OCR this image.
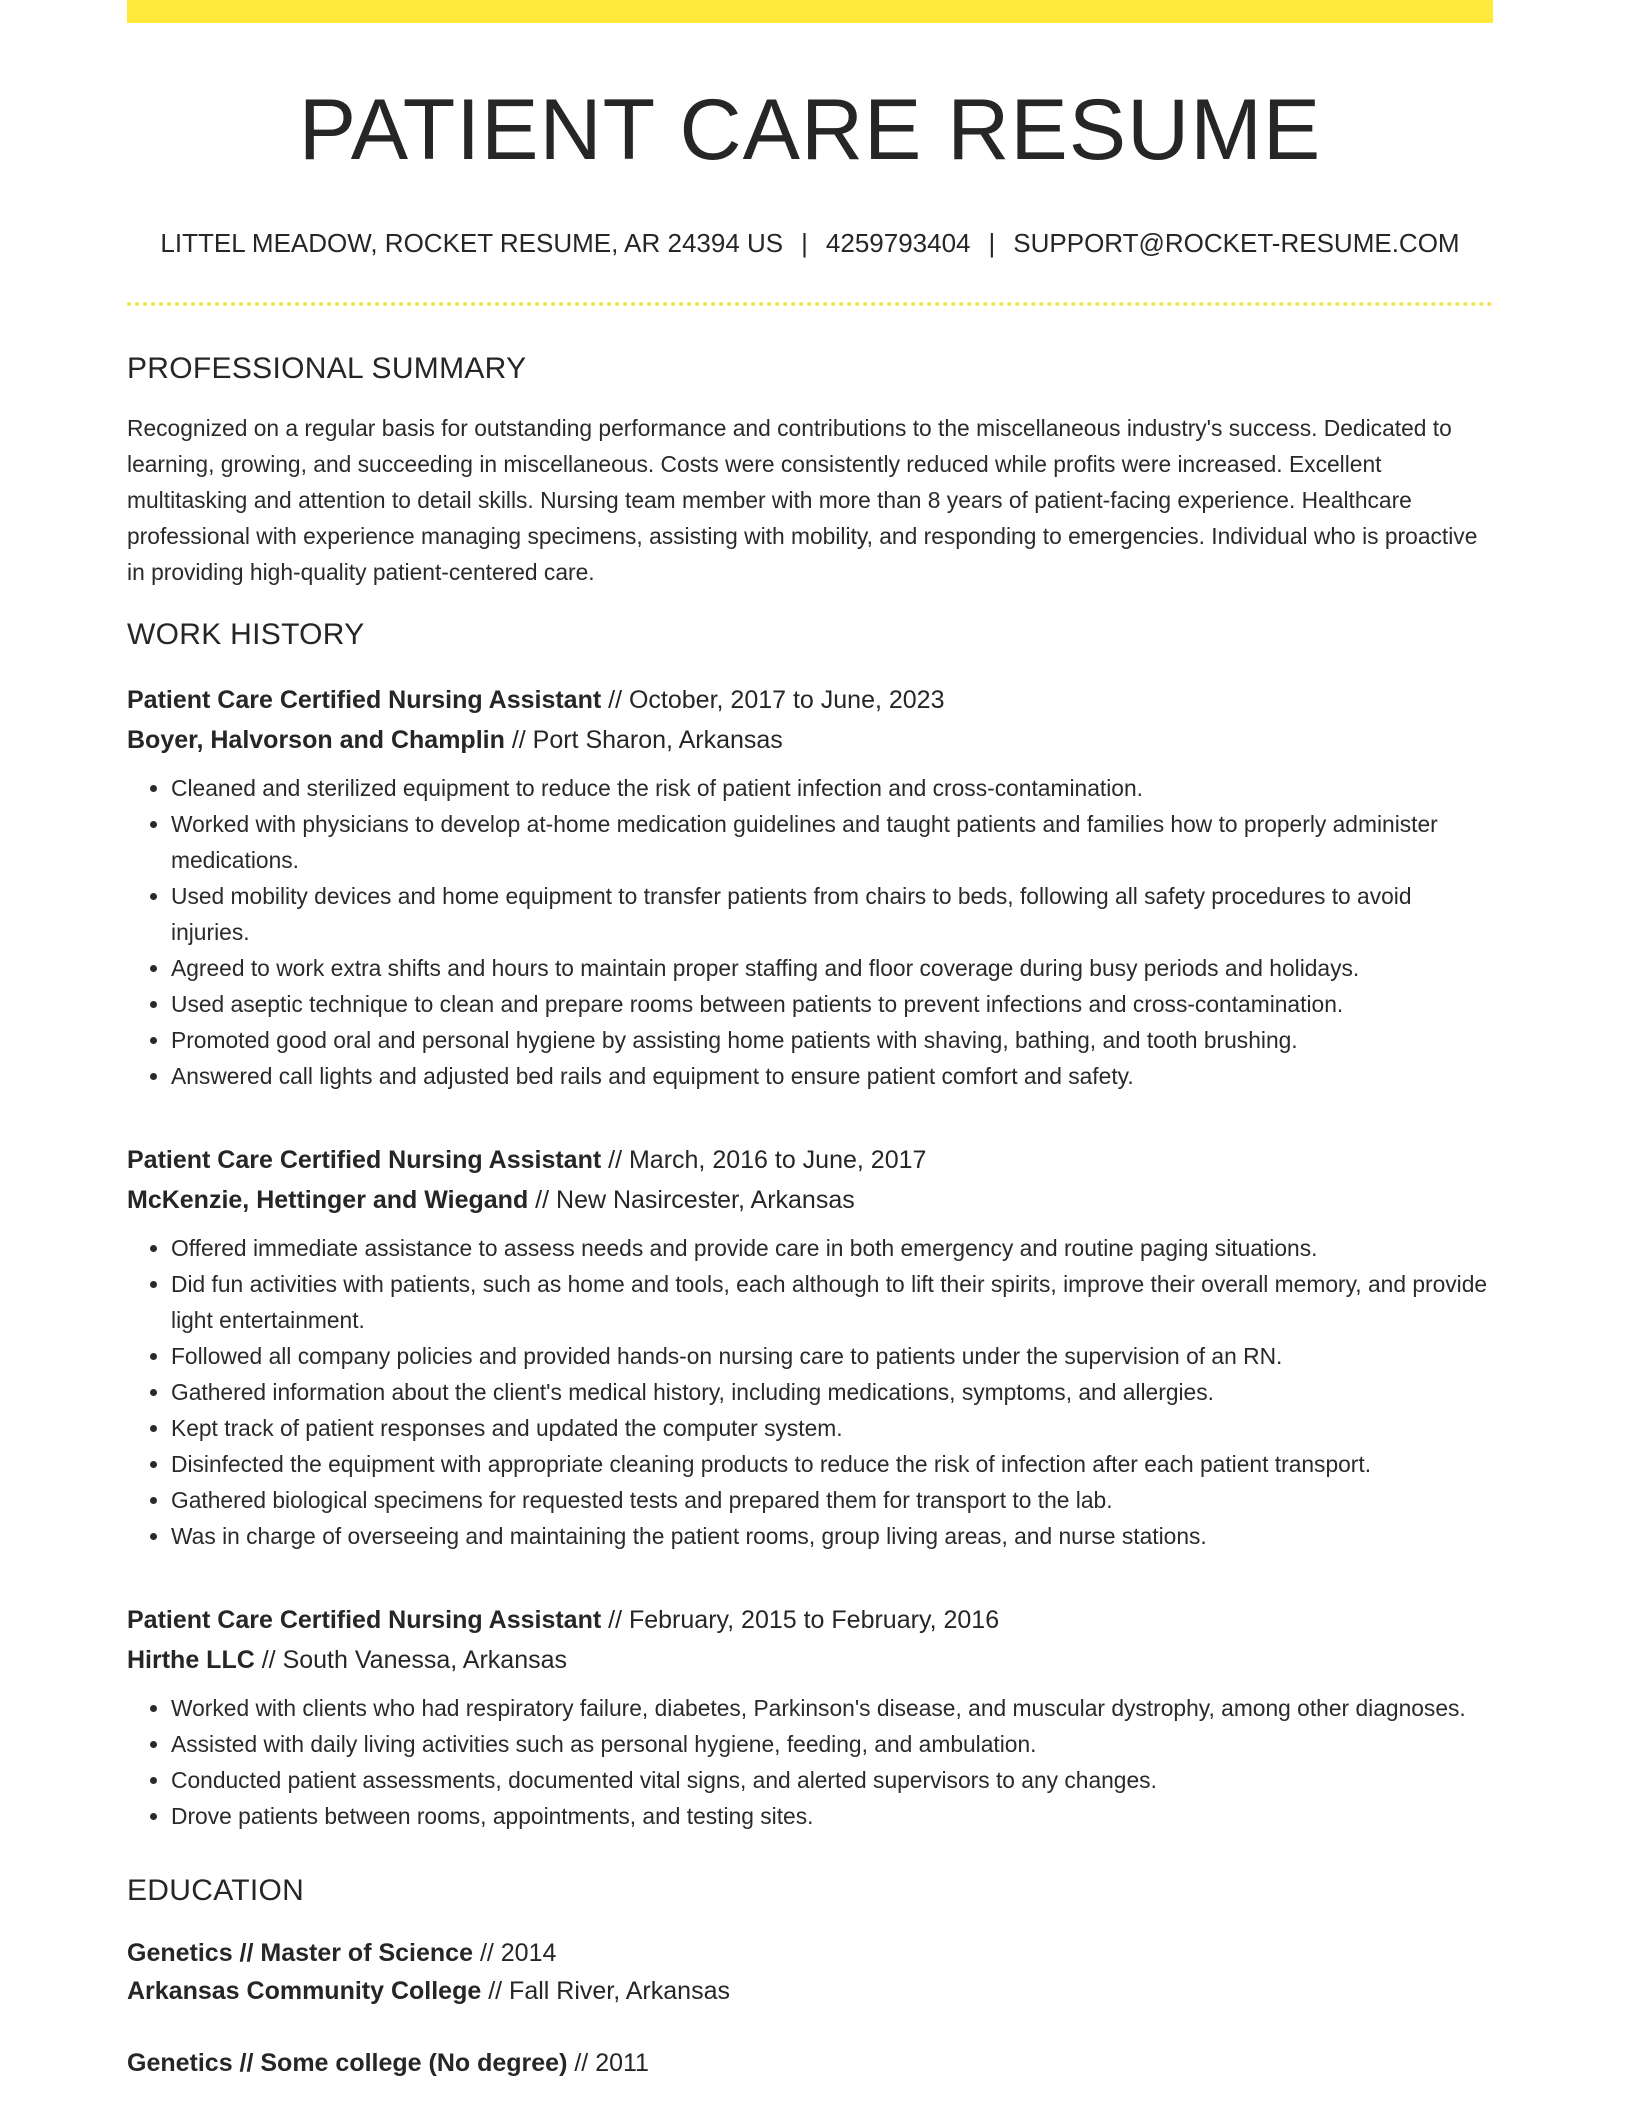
PATIENT CARE RESUME
LITTEL MEADOW, ROCKET RESUME, AR 24394 US | 4259793404 | SUPPORT@ROCKET-RESUME.COM
PROFESSIONAL SUMMARY

Recognized on a regular basis for outstanding performance and contributions to the miscellaneous industry's success. Dedicated to learning, growing, and succeeding in miscellaneous. Costs were consistently reduced while profits were increased. Excellent multitasking and attention to detail skills. Nursing team member with more than 8 years of patient-facing experience. Healthcare professional with experience managing specimens, assisting with mobility, and responding to emergencies. Individual who is proactive in providing high-quality patient-centered care.

WORK HISTORY
Patient Care Certified Nursing Assistant // October, 2017 to June, 2023
Boyer, Halvorson and Champlin // Port Sharon, Arkansas
• Cleaned and sterilized equipment to reduce the risk of patient infection and cross-contamination.
• Worked with physicians to develop at-home medication guidelines and taught patients and families how to properly administer medications.
• Used mobility devices and home equipment to transfer patients from chairs to beds, following all safety procedures to avoid injuries.
• Agreed to work extra shifts and hours to maintain proper staffing and floor coverage during busy periods and holidays.
• Used aseptic technique to clean and prepare rooms between patients to prevent infections and cross-contamination.
• Promoted good oral and personal hygiene by assisting home patients with shaving, bathing, and tooth brushing.
• Answered call lights and adjusted bed rails and equipment to ensure patient comfort and safety.
Patient Care Certified Nursing Assistant // March, 2016 to June, 2017
McKenzie, Hettinger and Wiegand // New Nasircester, Arkansas
• Offered immediate assistance to assess needs and provide care in both emergency and routine paging situations.
• Did fun activities with patients, such as home and tools, each although to lift their spirits, improve their overall memory, and provide light entertainment.
• Followed all company policies and provided hands-on nursing care to patients under the supervision of an RN.
• Gathered information about the client's medical history, including medications, symptoms, and allergies.
• Kept track of patient responses and updated the computer system.
• Disinfected the equipment with appropriate cleaning products to reduce the risk of infection after each patient transport.
• Gathered biological specimens for requested tests and prepared them for transport to the lab.
• Was in charge of overseeing and maintaining the patient rooms, group living areas, and nurse stations.
Patient Care Certified Nursing Assistant // February, 2015 to February, 2016
Hirthe LLC // South Vanessa, Arkansas
• Worked with clients who had respiratory failure, diabetes, Parkinson's disease, and muscular dystrophy, among other diagnoses.
• Assisted with daily living activities such as personal hygiene, feeding, and ambulation.
• Conducted patient assessments, documented vital signs, and alerted supervisors to any changes.
• Drove patients between rooms, appointments, and testing sites.
EDUCATION
Genetics // Master of Science // 2014
Arkansas Community College // Fall River, Arkansas
Genetics // Some college (No degree) // 2011
